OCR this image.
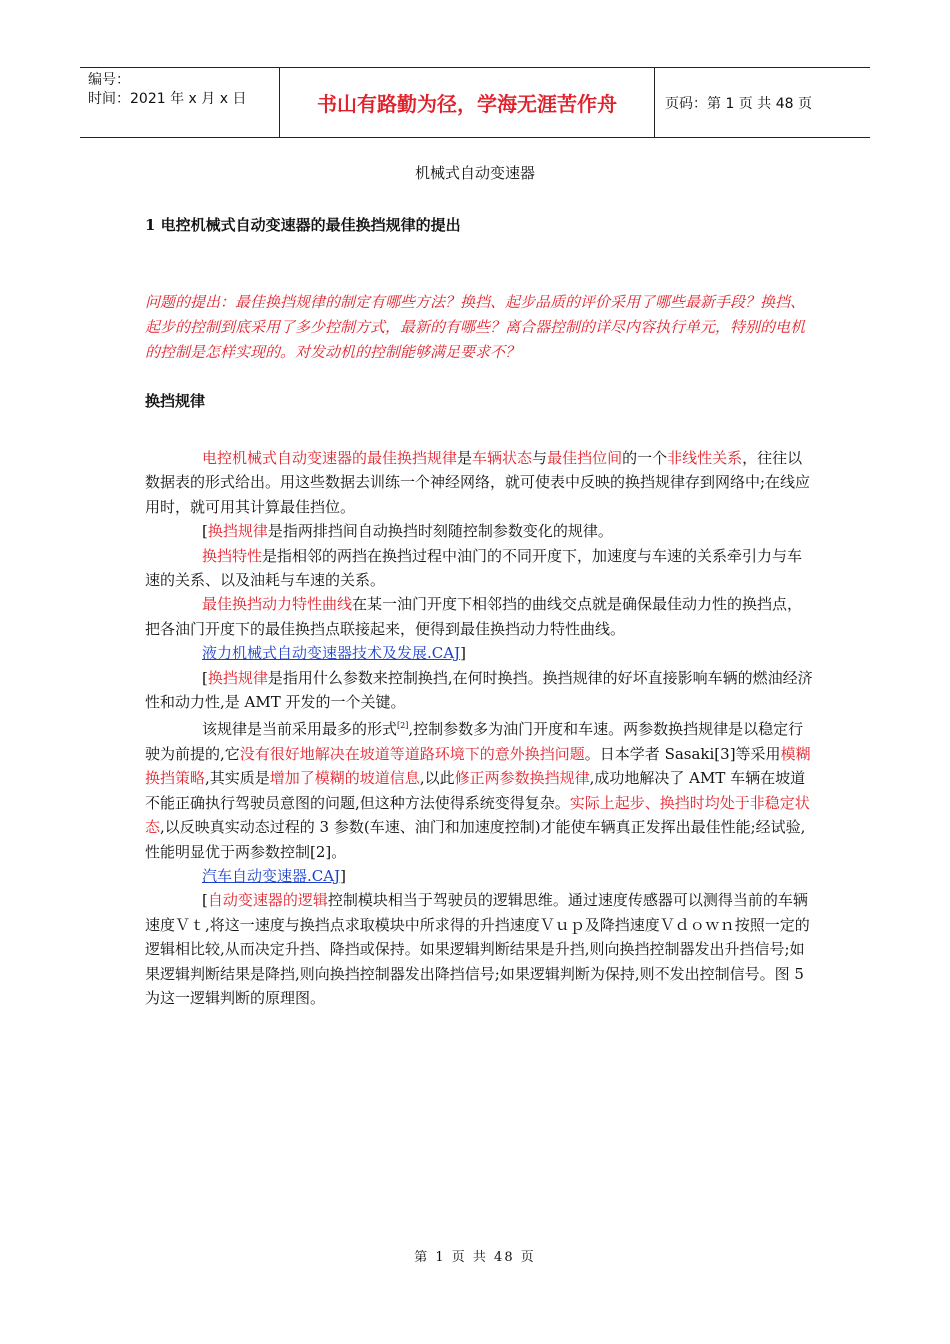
编号：
时间：2021 年 x 月 x 日	书山有路勤为径，学海无涯苦作舟	页码：第 1 页 共 48 页
机械式自动变速器
1 电控机械式自动变速器的最佳换挡规律的提出
问题的提出：最佳换挡规律的制定有哪些方法？换挡、起步品质的评价采用了哪些最新手段？换挡、起步的控制到底采用了多少控制方式，最新的有哪些？离合器控制的详尽内容执行单元，特别的电机的控制是怎样实现的。对发动机的控制能够满足要求不？
换挡规律

电控机械式自动变速器的最佳换挡规律是车辆状态与最佳挡位间的一个非线性关系，往往以数据表的形式给出。用这些数据去训练一个神经网络，就可使表中反映的换挡规律存到网络中;在线应用时，就可用其计算最佳挡位。

[换挡规律是指两排挡间自动换挡时刻随控制参数变化的规律。

换挡特性是指相邻的两挡在换挡过程中油门的不同开度下，加速度与车速的关系牵引力与车速的关系、以及油耗与车速的关系。

最佳换挡动力特性曲线在某一油门开度下相邻挡的曲线交点就是确保最佳动力性的换挡点，把各油门开度下的最佳换挡点联接起来，便得到最佳换挡动力特性曲线。

液力机械式自动变速器技术及发展.CAJ]

[换挡规律是指用什么参数来控制换挡,在何时换挡。换挡规律的好坏直接影响车辆的燃油经济性和动力性,是 AMT 开发的一个关键。

该规律是当前采用最多的形式[2],控制参数多为油门开度和车速。两参数换挡规律是以稳定行驶为前提的,它没有很好地解决在坡道等道路环境下的意外换挡问题。日本学者 Sasaki[3]等采用模糊换挡策略,其实质是增加了模糊的坡道信息,以此修正两参数换挡规律,成功地解决了 AMT 车辆在坡道不能正确执行驾驶员意图的问题,但这种方法使得系统变得复杂。实际上起步、换挡时均处于非稳定状态,以反映真实动态过程的 3 参数(车速、油门和加速度控制)才能使车辆真正发挥出最佳性能;经试验,性能明显优于两参数控制[2]。

汽车自动变速器.CAJ]

[自动变速器的逻辑控制模块相当于驾驶员的逻辑思维。通过速度传感器可以测得当前的车辆速度Ｖｔ,将这一速度与换挡点求取模块中所求得的升挡速度Ｖｕｐ及降挡速度Ｖｄｏｗｎ按照一定的逻辑相比较,从而决定升挡、降挡或保持。如果逻辑判断结果是升挡,则向换挡控制器发出升挡信号;如果逻辑判断结果是降挡,则向换挡控制器发出降挡信号;如果逻辑判断为保持,则不发出控制信号。图 5 为这一逻辑判断的原理图。

第 1 页 共 48 页
